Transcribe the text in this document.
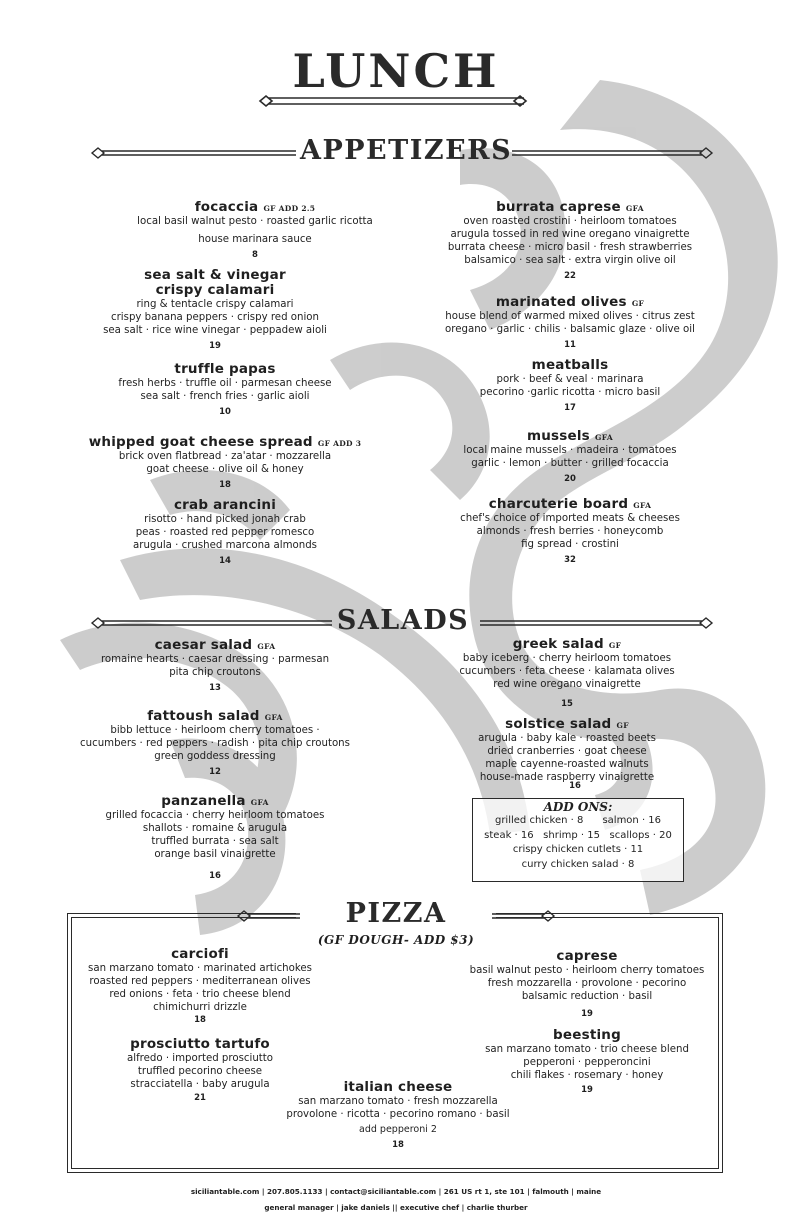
LUNCH
APPETIZERS
focaccia GF ADD 2.5
local basil walnut pesto · roasted garlic ricotta
house marinara sauce
8
sea salt & vinegar
crispy calamari
ring & tentacle crispy calamari
crispy banana peppers · crispy red onion
sea salt · rice wine vinegar · peppadew aioli
19
truffle papas
fresh herbs · truffle oil · parmesan cheese
sea salt · french fries · garlic aioli
10
whipped goat cheese spread GF ADD 3
brick oven flatbread · za'atar · mozzarella
goat cheese · olive oil & honey
18
crab arancini
risotto · hand picked jonah crab
peas · roasted red pepper romesco
arugula · crushed marcona almonds
14
burrata caprese GFA
oven roasted crostini · heirloom tomatoes
arugula tossed in red wine oregano vinaigrette
burrata cheese · micro basil · fresh strawberries
balsamico · sea salt · extra virgin olive oil
22
marinated olives GF
house blend of warmed mixed olives · citrus zest
oregano · garlic · chilis · balsamic glaze · olive oil
11
meatballs
pork · beef & veal · marinara
pecorino ·garlic ricotta · micro basil
17
mussels GFA
local maine mussels · madeira · tomatoes
garlic · lemon · butter · grilled focaccia
20
charcuterie board GFA
chef's choice of imported meats & cheeses
almonds · fresh berries · honeycomb
fig spread · crostini
32
SALADS
caesar salad GFA
romaine hearts · caesar dressing · parmesan
pita chip croutons
13
fattoush salad GFA
bibb lettuce · heirloom cherry tomatoes ·
cucumbers · red peppers · radish · pita chip croutons
green goddess dressing
12
panzanella GFA
grilled focaccia · cherry heirloom tomatoes
shallots · romaine & arugula
truffled burrata · sea salt
orange basil vinaigrette
16
greek salad GF
baby iceberg · cherry heirloom tomatoes
cucumbers · feta cheese · kalamata olives
red wine oregano vinaigrette
15
solstice salad GF
arugula · baby kale · roasted beets
dried cranberries · goat cheese
maple cayenne-roasted walnuts
house-made raspberry vinaigrette
ADD ONS:
grilled chicken · 8      salmon · 16
steak · 16   shrimp · 15   scallops · 20
crispy chicken cutlets · 11
curry chicken salad · 8
16
PIZZA
(GF DOUGH- ADD $3)
carciofi
san marzano tomato · marinated artichokes
roasted red peppers · mediterranean olives
red onions · feta · trio cheese blend
chimichurri drizzle
18
prosciutto tartufo
alfredo · imported prosciutto
truffled pecorino cheese
stracciatella · baby arugula
21
italian cheese
san marzano tomato · fresh mozzarella
provolone · ricotta · pecorino romano · basil
add pepperoni 2
18
caprese
basil walnut pesto · heirloom cherry tomatoes
fresh mozzarella · provolone · pecorino
balsamic reduction · basil
19
beesting
san marzano tomato · trio cheese blend
pepperoni · pepperoncini
chili flakes · rosemary · honey
19
siciliantable.com | 207.805.1133 | contact@siciliantable.com | 261 US rt 1, ste 101 | falmouth | maine
general manager | jake daniels || executive chef | charlie thurber
